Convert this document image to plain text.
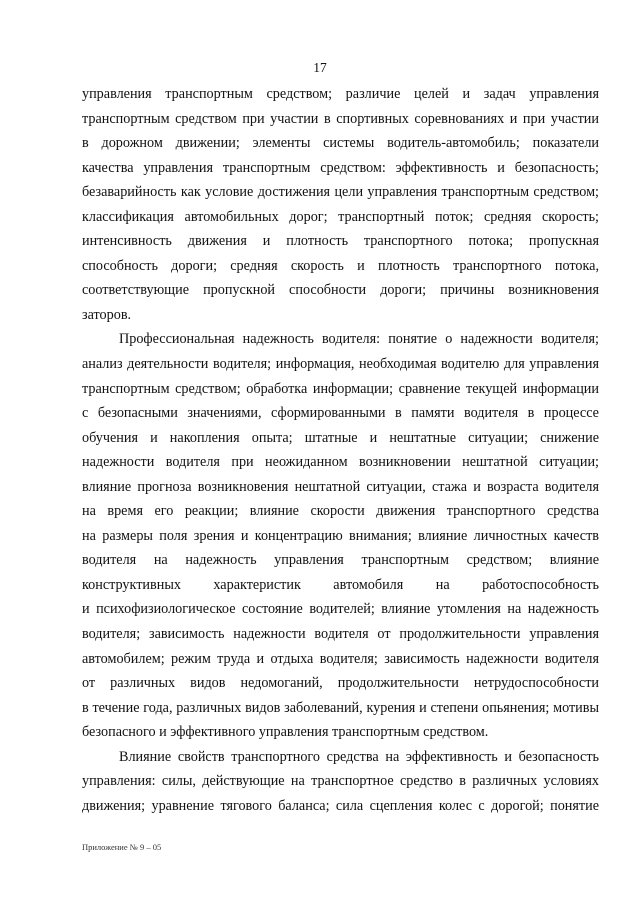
17
управления транспортным средством; различие целей и задач управления
транспортным средством при участии в спортивных соревнованиях и при участии
в дорожном движении; элементы системы водитель-автомобиль; показатели
качества управления транспортным средством: эффективность и безопасность;
безаварийность как условие достижения цели управления транспортным средством;
классификация автомобильных дорог; транспортный поток; средняя скорость;
интенсивность движения и плотность транспортного потока; пропускная
способность дороги; средняя скорость и плотность транспортного потока,
соответствующие пропускной способности дороги; причины возникновения
заторов.
Профессиональная надежность водителя: понятие о надежности водителя;
анализ деятельности водителя; информация, необходимая водителю для управления
транспортным средством; обработка информации; сравнение текущей информации
с безопасными значениями, сформированными в памяти водителя в процессе
обучения и накопления опыта; штатные и нештатные ситуации; снижение
надежности водителя при неожиданном возникновении нештатной ситуации;
влияние прогноза возникновения нештатной ситуации, стажа и возраста водителя
на время его реакции; влияние скорости движения транспортного средства
на размеры поля зрения и концентрацию внимания; влияние личностных качеств
водителя на надежность управления транспортным средством; влияние
конструктивных характеристик автомобиля на работоспособность
и психофизиологическое состояние водителей; влияние утомления на надежность
водителя; зависимость надежности водителя от продолжительности управления
автомобилем; режим труда и отдыха водителя; зависимость надежности водителя
от различных видов недомоганий, продолжительности нетрудоспособности
в течение года, различных видов заболеваний, курения и степени опьянения; мотивы
безопасного и эффективного управления транспортным средством.
Влияние свойств транспортного средства на эффективность и безопасность
управления: силы, действующие на транспортное средство в различных условиях
движения; уравнение тягового баланса; сила сцепления колес с дорогой; понятие
Приложение № 9 – 05
